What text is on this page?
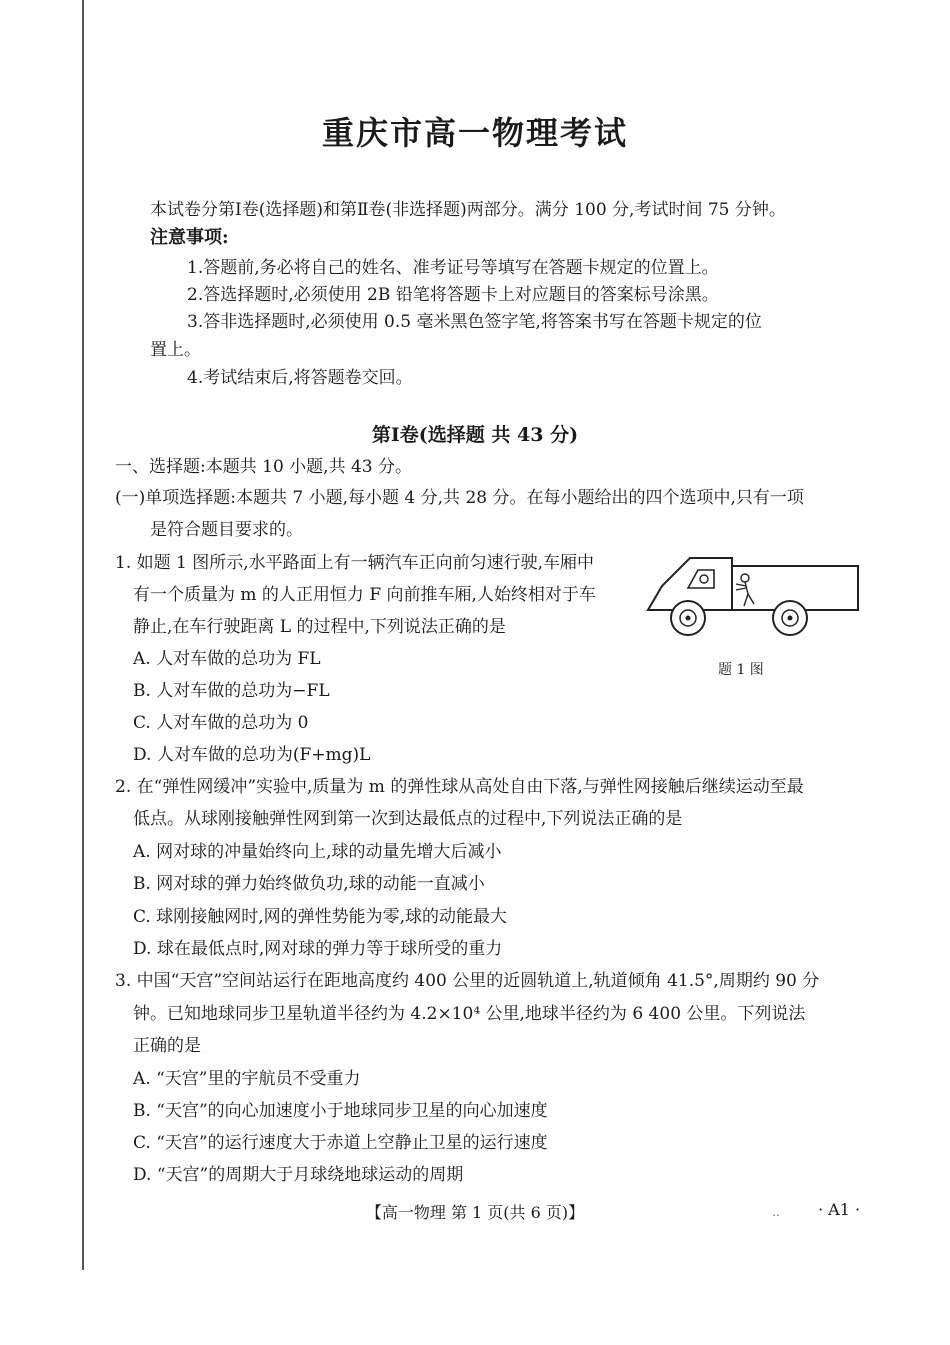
重庆市高一物理考试
本试卷分第Ⅰ卷(选择题)和第Ⅱ卷(非选择题)两部分。满分 100 分,考试时间 75 分钟。
注意事项:
1.答题前,务必将自己的姓名、准考证号等填写在答题卡规定的位置上。
2.答选择题时,必须使用 2B 铅笔将答题卡上对应题目的答案标号涂黑。
3.答非选择题时,必须使用 0.5 毫米黑色签字笔,将答案书写在答题卡规定的位
置上。
4.考试结束后,将答题卷交回。
第Ⅰ卷(选择题 共 43 分)
一、选择题:本题共 10 小题,共 43 分。
(一)单项选择题:本题共 7 小题,每小题 4 分,共 28 分。在每小题给出的四个选项中,只有一项
是符合题目要求的。
1. 如题 1 图所示,水平路面上有一辆汽车正向前匀速行驶,车厢中
有一个质量为 m 的人正用恒力 F 向前推车厢,人始终相对于车
静止,在车行驶距离 L 的过程中,下列说法正确的是
A. 人对车做的总功为 FL
B. 人对车做的总功为−FL
C. 人对车做的总功为 0
D. 人对车做的总功为(F+mg)L
题 1 图
2. 在“弹性网缓冲”实验中,质量为 m 的弹性球从高处自由下落,与弹性网接触后继续运动至最
低点。从球刚接触弹性网到第一次到达最低点的过程中,下列说法正确的是
A. 网对球的冲量始终向上,球的动量先增大后减小
B. 网对球的弹力始终做负功,球的动能一直减小
C. 球刚接触网时,网的弹性势能为零,球的动能最大
D. 球在最低点时,网对球的弹力等于球所受的重力
3. 中国“天宫”空间站运行在距地高度约 400 公里的近圆轨道上,轨道倾角 41.5°,周期约 90 分
钟。已知地球同步卫星轨道半径约为 4.2×10⁴ 公里,地球半径约为 6 400 公里。下列说法
正确的是
A. “天宫”里的宇航员不受重力
B. “天宫”的向心加速度小于地球同步卫星的向心加速度
C. “天宫”的运行速度大于赤道上空静止卫星的运行速度
D. “天宫”的周期大于月球绕地球运动的周期
【高一物理 第 1 页(共 6 页)】	‥ · A1 ·
